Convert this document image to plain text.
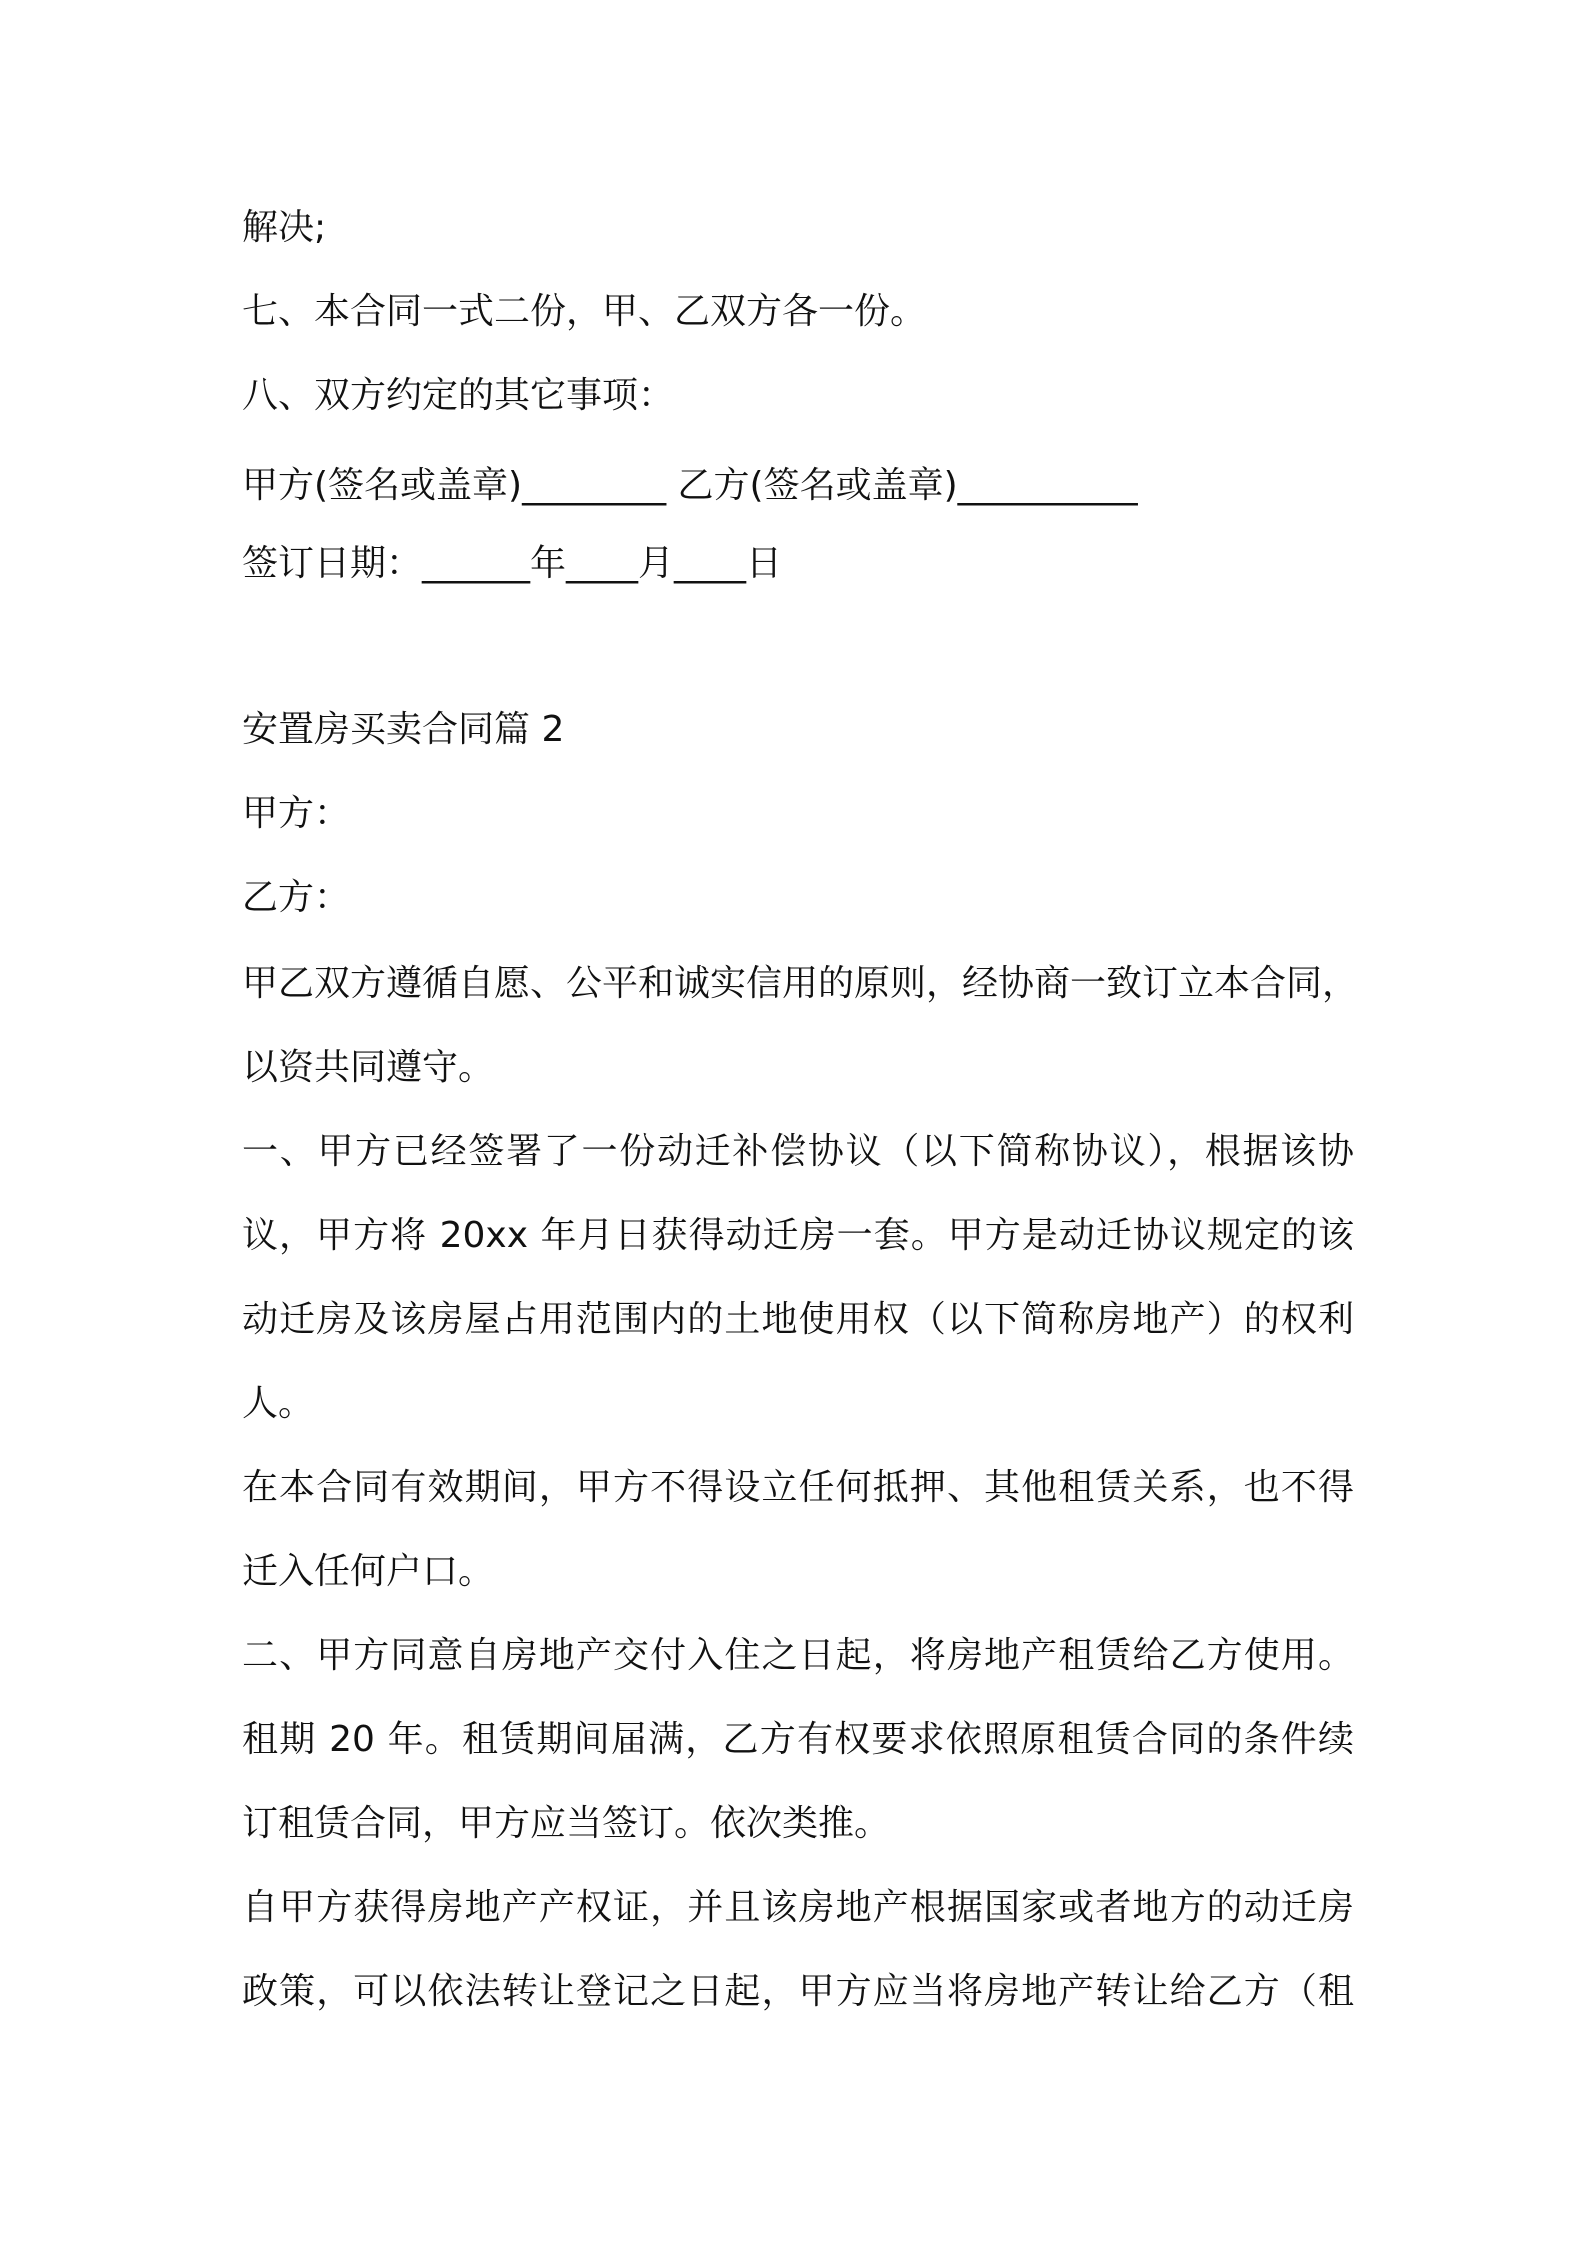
解决;
七、本合同一式二份，甲、乙双方各一份。
八、双方约定的其它事项：
甲方(签名或盖章)________ 乙方(签名或盖章)__________
签订日期：______年____月____日
安置房买卖合同篇 2
甲方：
乙方：
甲乙双方遵循自愿、公平和诚实信用的原则，经协商一致订立本合同，
以资共同遵守。
一、甲方已经签署了一份动迁补偿协议（以下简称协议），根据该协
议，甲方将 20xx 年月日获得动迁房一套。甲方是动迁协议规定的该
动迁房及该房屋占用范围内的土地使用权（以下简称房地产）的权利
人。
在本合同有效期间，甲方不得设立任何抵押、其他租赁关系，也不得
迁入任何户口。
二、甲方同意自房地产交付入住之日起，将房地产租赁给乙方使用。
租期 20 年。租赁期间届满，乙方有权要求依照原租赁合同的条件续
订租赁合同，甲方应当签订。依次类推。
自甲方获得房地产产权证，并且该房地产根据国家或者地方的动迁房
政策，可以依法转让登记之日起，甲方应当将房地产转让给乙方（租
